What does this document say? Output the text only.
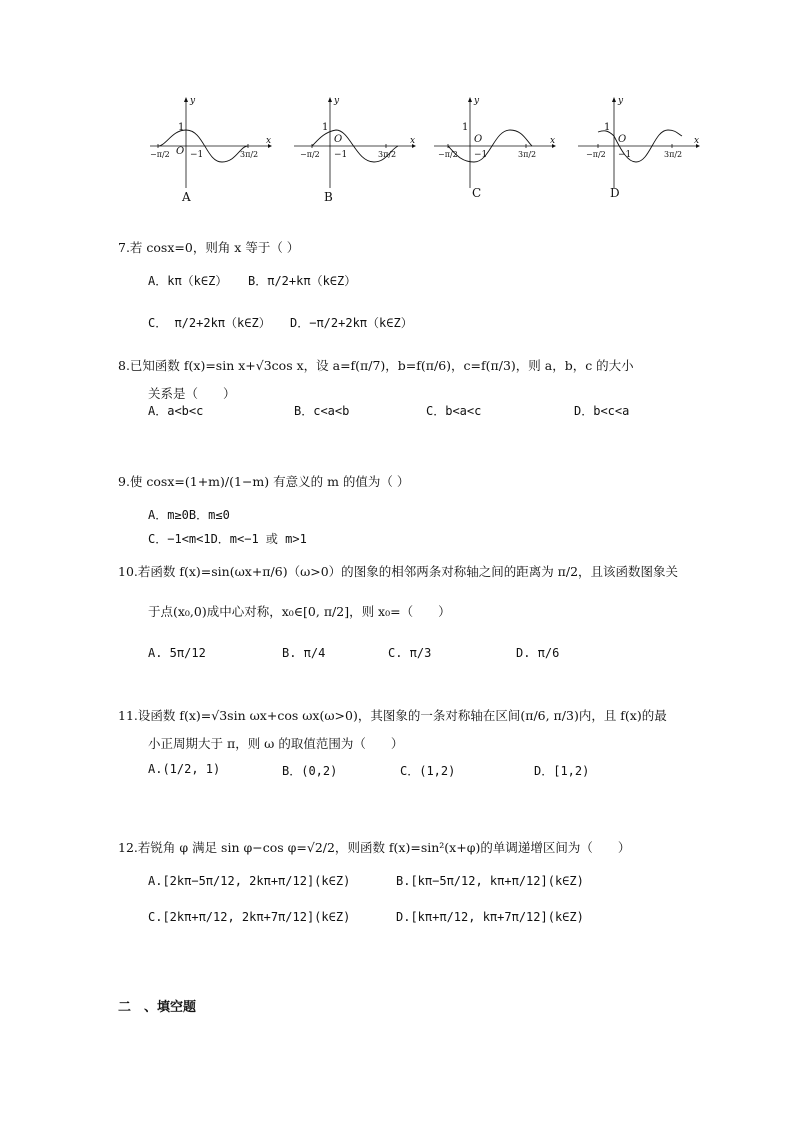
y
x
1
O −1
−π/2	3π/2
A
y
x
1
O
−1
−π/2	3π/2
B
y
x
1
O
−1
−π/2	3π/2
C
y
x
1
O
−1
−π/2	3π/2
D
7.若 cosx=0，则角 x 等于（ ）
A．kπ（k∈Z） B．π/2+kπ（k∈Z）
C． π/2+2kπ（k∈Z） D．−π/2+2kπ（k∈Z）
8.已知函数 f(x)=sin x+√3cos x，设 a=f(π/7)，b=f(π/6)，c=f(π/3)，则 a，b，c 的大小
关系是（　　）
A．a<b<c	B．c<a<b	C．b<a<c	D．b<c<a
9.使 cosx=(1+m)/(1−m) 有意义的 m 的值为（ ）
A．m≥0B．m≤0
C．−1<m<1D．m<−1 或 m>1
10.若函数 f(x)=sin(ωx+π/6)（ω>0）的图象的相邻两条对称轴之间的距离为 π/2，且该函数图象关
于点(x₀,0)成中心对称，x₀∈[0, π/2]，则 x₀=（　　）
A. 5π/12	B. π/4	C. π/3	D. π/6
11.设函数 f(x)=√3sin ωx+cos ωx(ω>0)，其图象的一条对称轴在区间(π/6, π/3)内，且 f(x)的最
小正周期大于 π，则 ω 的取值范围为（　　）
A.(1/2, 1)	B．(0,2)	C．(1,2)	D．[1,2)
12.若锐角 φ 满足 sin φ−cos φ=√2/2，则函数 f(x)=sin²(x+φ)的单调递增区间为（　　）
A.[2kπ−5π/12, 2kπ+π/12](k∈Z)	B.[kπ−5π/12, kπ+π/12](k∈Z)
C.[2kπ+π/12, 2kπ+7π/12](k∈Z)	D.[kπ+π/12, kπ+7π/12](k∈Z)
二　、填空题
